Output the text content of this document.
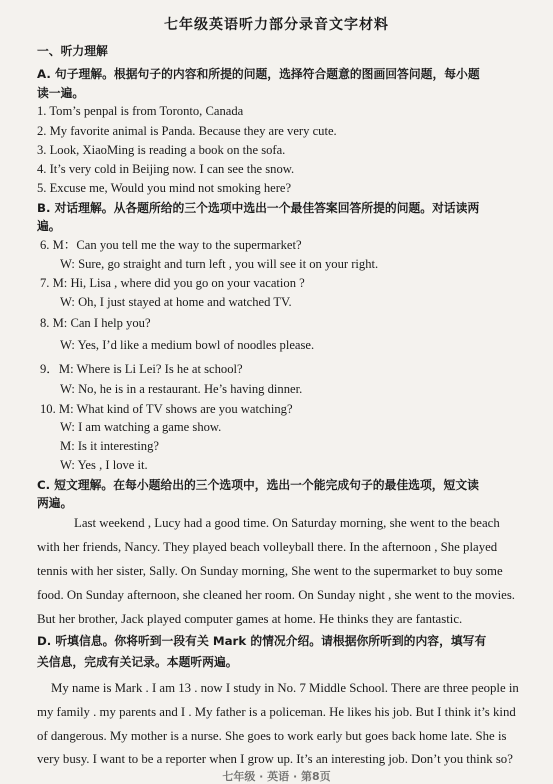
七年级英语听力部分录音文字材料
一、听力理解
A. 句子理解。根据句子的内容和所提的问题，选择符合题意的图画回答问题，每小题
读一遍。
1. Tom’s penpal is from Toronto, Canada
2. My favorite animal is Panda. Because they are very cute.
3. Look, XiaoMing is reading a book on the sofa.
4. It’s very cold in Beijing now. I can see the snow.
5. Excuse me, Would you mind not smoking here?
B. 对话理解。从各题所给的三个选项中选出一个最佳答案回答所提的问题。对话读两
遍。
6. M：Can you tell me the way to the supermarket?
W: Sure, go straight and turn left , you will see it on your right.
7. M: Hi, Lisa , where did you go on your vacation ?
W: Oh, I just stayed at home and watched TV.
8. M: Can I help you?
W: Yes, I’d like a medium bowl of noodles please.
9．M: Where is Li Lei? Is he at school?
W: No, he is in a restaurant. He’s having dinner.
10. M: What kind of TV shows are you watching?
W: I am watching a game show.
M: Is it interesting?
W: Yes , I love it.
C. 短文理解。在每小题给出的三个选项中，选出一个能完成句子的最佳选项，短文读
两遍。
Last weekend , Lucy had a good time. On Saturday morning, she went to the beach
with her friends, Nancy. They played beach volleyball there. In the afternoon , She played
tennis with her sister, Sally. On Sunday morning, She went to the supermarket to buy some
food. On Sunday afternoon, she cleaned her room. On Sunday night , she went to the movies.
But her brother, Jack played computer games at home. He thinks they are fantastic.
D. 听填信息。你将听到一段有关 Mark 的情况介绍。请根据你所听到的内容，填写有
关信息，完成有关记录。本题听两遍。
My name is Mark . I am 13 . now I study in No. 7 Middle School. There are three people in
my family . my parents and I . My father is a policeman. He likes his job. But I think it’s kind
of dangerous. My mother is a nurse. She goes to work early but goes back home late. She is
very busy. I want to be a reporter when I grow up. It’s an interesting job. Don’t you think so?
七年级 · 英语 · 第8页
